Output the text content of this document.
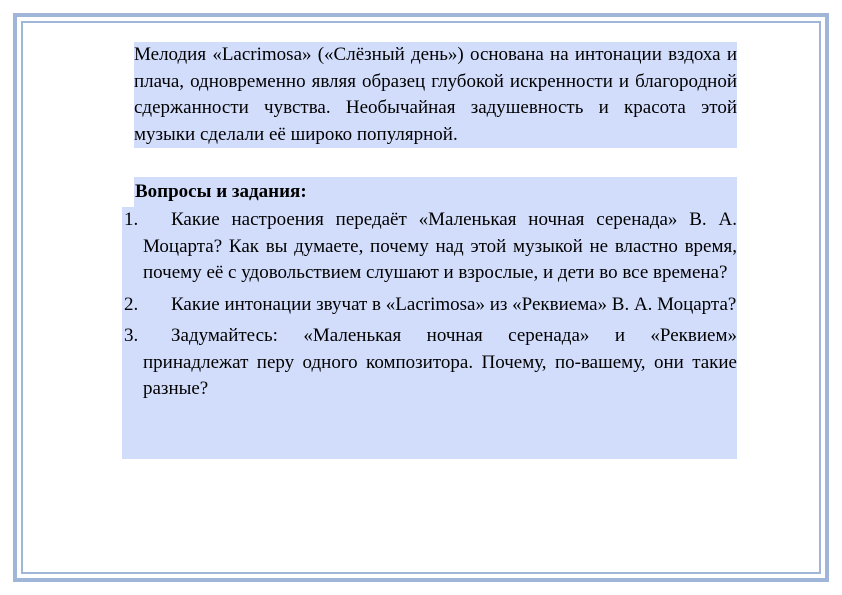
Мелодия «Lacrimosa» («Слёзный день») основана на интонации вздоха и плача, одновременно являя образец глубокой искренности и благородной сдержанности чувства. Необычайная задушевность и красота этой музыки сделали её широко популярной.

Вопросы и задания:

1.	Какие настроения передаёт «Маленькая ночная серенада» В. А. Моцарта? Как вы думаете, почему над этой музыкой не властно время, почему её с удовольствием слушают и взрослые, и дети во все времена?
2.	Какие интонации звучат в «Lacrimosa» из «Реквиема» В. А. Моцарта?
3.	Задумайтесь: «Маленькая ночная серенада» и «Реквием» принадлежат перу одного композитора. Почему, по-вашему, они такие разные?
